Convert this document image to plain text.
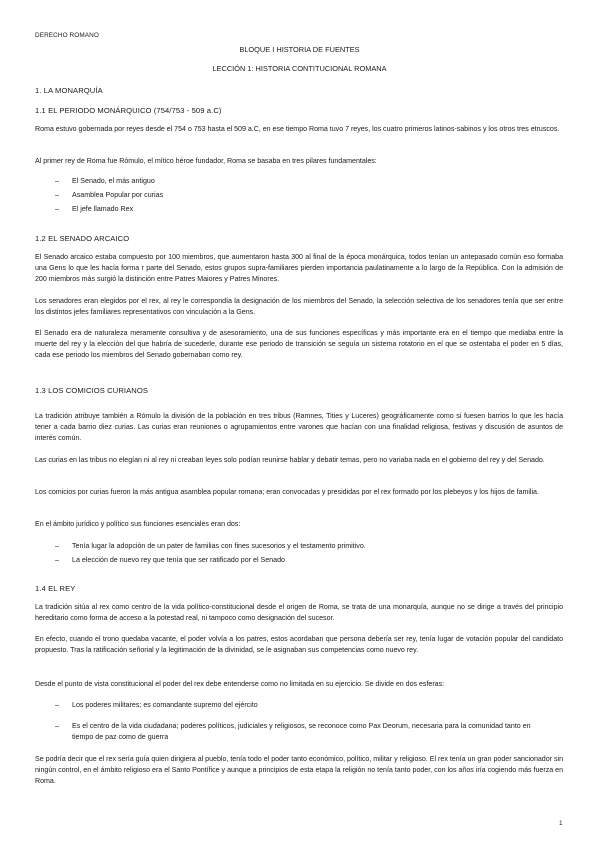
DERECHO ROMANO
BLOQUE I HISTORIA DE FUENTES
LECCIÓN 1: HISTORIA CONTITUCIONAL ROMANA
1. LA MONARQUÍA
1.1 EL PERIODO MONÁRQUICO (754/753 - 509 a.C)

Roma estuvo gobernada por reyes desde el 754 o 753 hasta el 509 a.C, en ese tiempo Roma tuvo 7 reyes, los cuatro primeros latinos-sabinos y los otros tres etruscos.

Al primer rey de Roma fue Rómulo, el mítico héroe fundador, Roma se basaba en tres pilares fundamentales:

– El Senado, el más antiguo
– Asamblea Popular por curias
– El jefe llamado Rex
1.2 EL SENADO ARCAICO

El Senado arcaico estaba compuesto por 100 miembros, que aumentaron hasta 300 al final de la época monárquica, todos tenían un antepasado común eso formaba una Gens lo que les hacía forma r parte del Senado, estos grupos supra-familiares pierden importancia paulatinamente a lo largo de la República. Con la admisión de 200 miembros más surgió la distinción entre Patres Maiores y Patres Minores.

Los senadores eran elegidos por el rex, al rey le correspondía la designación de los miembros del Senado, la selección selectiva de los senadores tenía que ser entre los distintos jefes familiares representativos con vinculación a la Gens.

El Senado era de naturaleza meramente consultiva y de asesoramiento, una de sus funciones específicas y más importante era en el tiempo que mediaba entre la muerte del rey y la elección del que habría de sucederle, durante ese periodo de transición se seguía un sistema rotatorio en el que se ostentaba el poder en 5 días, cada ese periodo los miembros del Senado gobernaban como rey.

1.3 LOS COMICIOS CURIANOS

La tradición atribuye también a Rómulo la división de la población en tres tribus (Ramnes, Tities y Luceres) geográficamente como si fuesen barrios lo que les hacía tener a cada barrio diez curias. Las curias eran reuniones o agrupamientos entre varones que hacían con una finalidad religiosa, festivas y discusión de asuntos de interés común.

Las curias en las tribus no elegían ni al rey ni creaban leyes solo podían reunirse hablar y debatir temas, pero no variaba nada en el gobierno del rey y del Senado.

Los comicios por curias fueron la más antigua asamblea popular romana; eran convocadas y presididas por el rex formado por los plebeyos y los hijos de familia.

En el ámbito jurídico y político sus funciones esenciales eran dos:

– Tenía lugar la adopción de un pater de familias con fines sucesorios y el testamento primitivo.
– La elección de nuevo rey que tenía que ser ratificado por el Senado
1.4 EL REY

La tradición sitúa al rex como centro de la vida político-constitucional desde el origen de Roma, se trata de una monarquía, aunque no se dirige a través del principio hereditario como forma de acceso a la potestad real, ni tampoco como designación del sucesor.

En efecto, cuando el trono quedaba vacante, el poder volvía a los patres, estos acordaban que persona debería ser rey, tenía lugar de votación popular del candidato propuesto. Tras la ratificación señorial y la legitimación de la divinidad, se le asignaban sus competencias como nuevo rey.

Desde el punto de vista constitucional el poder del rex debe entenderse como no limitada en su ejercicio. Se divide en dos esferas:

– Los poderes militares; es comandante supremo del ejército
– Es el centro de la vida ciudadana; poderes políticos, judiciales y religiosos, se reconoce como Pax Deorum, necesaria para la comunidad tanto en tiempo de paz como de guerra

Se podría decir que el rex sería guía quien dirigiera al pueblo, tenía todo el poder tanto económico, político, militar y religioso. El rex tenía un gran poder sancionador sin ningún control, en el ámbito religioso era el Santo Pontífice y aunque a principios de esta etapa la religión no tenía tanto poder, con los años iría cogiendo más fuerza en Roma.

1
